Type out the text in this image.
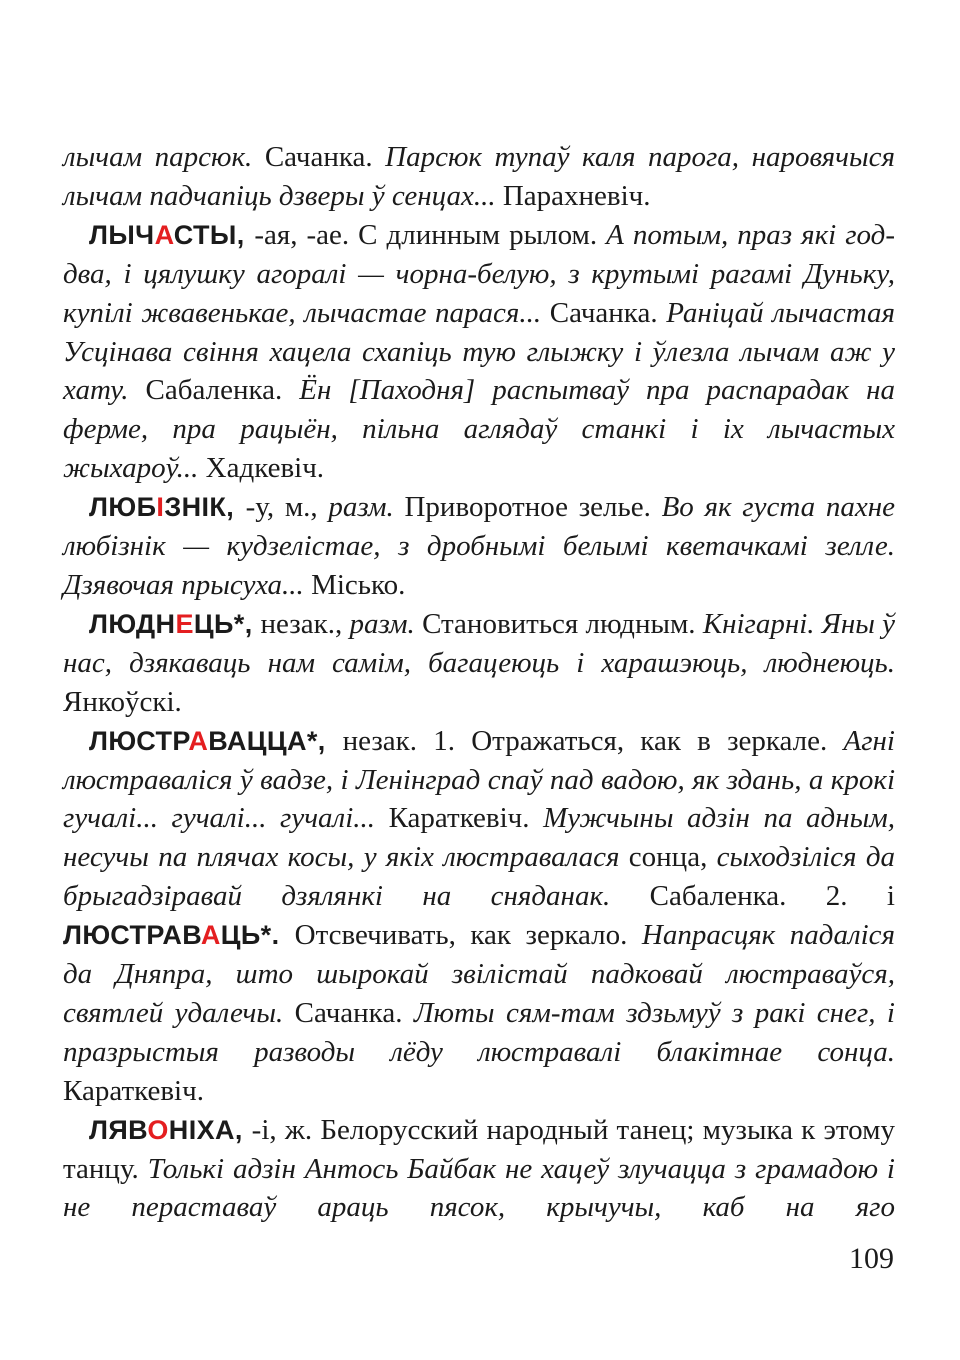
лычам парсюк. Сачанка. Парсюк тупаў каля парога, наровячыся лычам падчапіць дзверы ў сенцах... Парахневіч.

ЛЫЧАСТЫ, -ая, -ае. С длинным рылом. А потым, праз які год-два, і цялушку агоралі — чорна-белую, з крутымі рагамі Дуньку, купілі жвавенькае, лычастае парася... Сачанка. Раніцай лычастая Усцінава свіння хацела схапіць тую глыжку і ўлезла лычам аж у хату. Сабаленка. Ён [Паходня] распытваў пра распарадак на ферме, пра рацыён, пільна аглядаў станкі і іх лычастых жыхароў... Хадкевіч.

ЛЮБІЗНІК, -у, м., разм. Приворотное зелье. Во як густа пахне любізнік — кудзелістае, з дробнымі белымі кветачкамі зелле. Дзявочая прысуха... Місько.

ЛЮДНЕЦЬ*, незак., разм. Становиться людным. Кнігарні. Яны ў нас, дзякаваць нам самім, багацеюць і харашэюць, люднеюць. Янкоўскі.

ЛЮСТРАВАЦЦА*, незак. 1. Отражаться, как в зеркале. Агні люстраваліся ў вадзе, і Ленінград спаў пад вадою, як здань, а крокі гучалі... гучалі... гучалі... Караткевіч. Мужчыны адзін па адным, несучы па плячах косы, у якіх люстравалася сонца, сыходзіліся да брыгадзіравай дзялянкі на сняданак. Сабаленка. 2. і ЛЮСТРАВАЦЬ*. Отсвечивать, как зеркало. Напрасцяк падаліся да Дняпра, што шырокай звілістай падковай люстраваўся, святлей удалечы. Сачанка. Люты сям-там здзьмуў з ракі снег, і празрыстыя разводы лёду люстравалі блакітнае сонца. Караткевіч.

ЛЯВОНІХА, -і, ж. Белорусский народный танец; музыка к этому танцу. Толькі адзін Антось Байбак не хацеў злучацца з грамадою і не пераставаў араць пясок, крычучы, каб на яго

109
